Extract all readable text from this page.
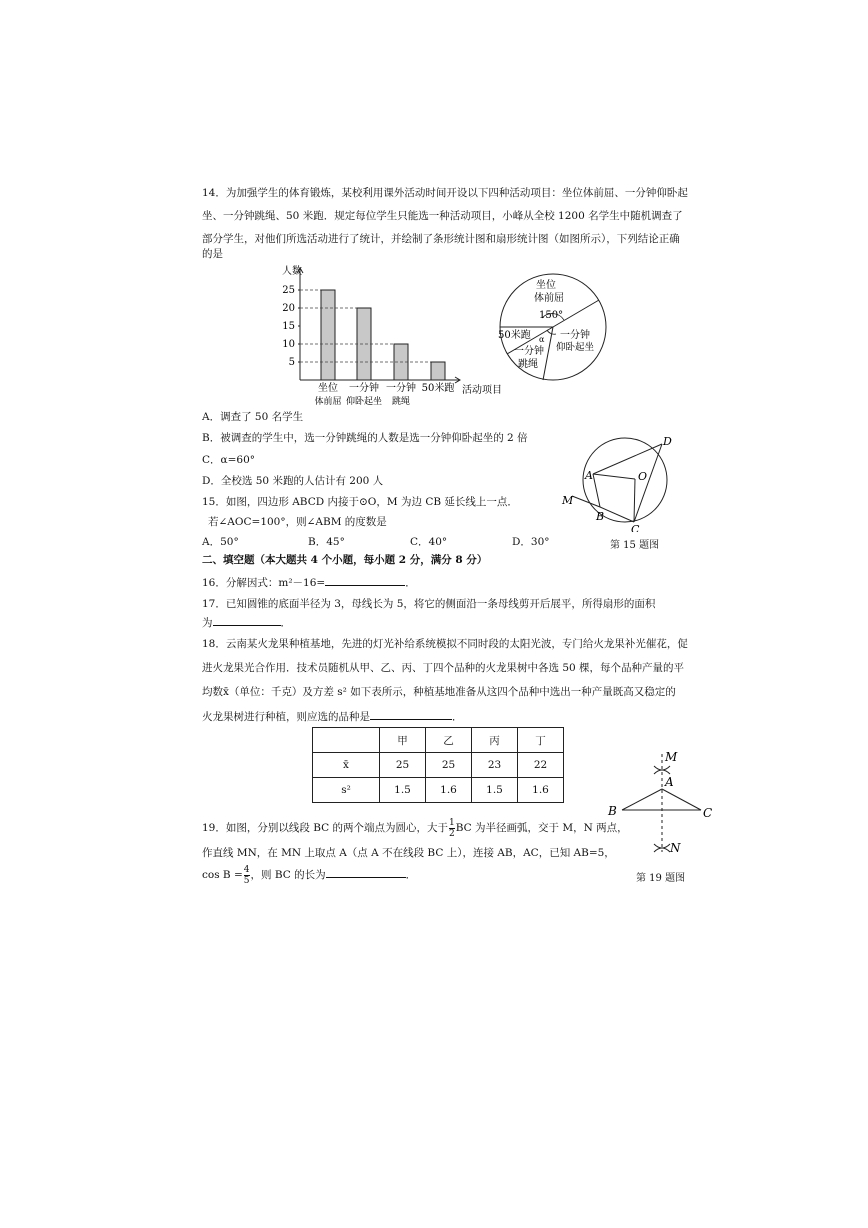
14．为加强学生的体育锻炼，某校利用课外活动时间开设以下四种活动项目：坐位体前屈、一分钟仰卧起
坐、一分钟跳绳、50 米跑．规定每位学生只能选一种活动项目，小峰从全校 1200 名学生中随机调查了
部分学生，对他们所选活动进行了统计，并绘制了条形统计图和扇形统计图（如图所示），下列结论正确
的是
人数
活动项目
5
10
15
20
25
坐位
体前屈
一分钟
仰卧起坐
一分钟
跳绳
50米跑
坐位
体前屈
150°
一分钟
仰卧起坐
50米跑 α
一分钟
跳绳
A．调查了 50 名学生
B．被调查的学生中，选一分钟跳绳的人数是选一分钟仰卧起坐的 2 倍
C．α=60°
D．全校选 50 米跑的人估计有 200 人
D
A	O
M
B
C
15．如图，四边形 ABCD 内接于⊙O，M 为边 CB 延长线上一点．
若∠AOC=100°，则∠ABM 的度数是
A．50°	B．45°	C．40°	D．30°	第 15 题图
二、填空题（本大题共 4 个小题，每小题 2 分，满分 8 分）
16．分解因式：m²－16=	．
17．已知圆锥的底面半径为 3，母线长为 5，将它的侧面沿一条母线剪开后展平，所得扇形的面积
为	．
18．云南某火龙果种植基地，先进的灯光补给系统模拟不同时段的太阳光波，专门给火龙果补光催花，促
进火龙果光合作用．技术员随机从甲、乙、丙、丁四个品种的火龙果树中各选 50 棵，每个品种产量的平
均数x̄（单位：千克）及方差 s² 如下表所示，种植基地准备从这四个品种中选出一种产量既高又稳定的
火龙果树进行种植，则应选的品种是	．
	甲	乙	丙	丁
x̄	25	25	23	22
s²	1.5	1.6	1.5	1.6
M
A
B	C
N
19．如图，分别以线段 BC 的两个端点为圆心，大于 $\frac{1}{2}$ BC 为半径画弧，交于 M，N 两点，
作直线 MN，在 MN 上取点 A（点 A 不在线段 BC 上），连接 AB，AC，已知 AB=5，
$\cos B = \frac{4}{5}$ ，则 BC 的长为	．	第 19 题图
